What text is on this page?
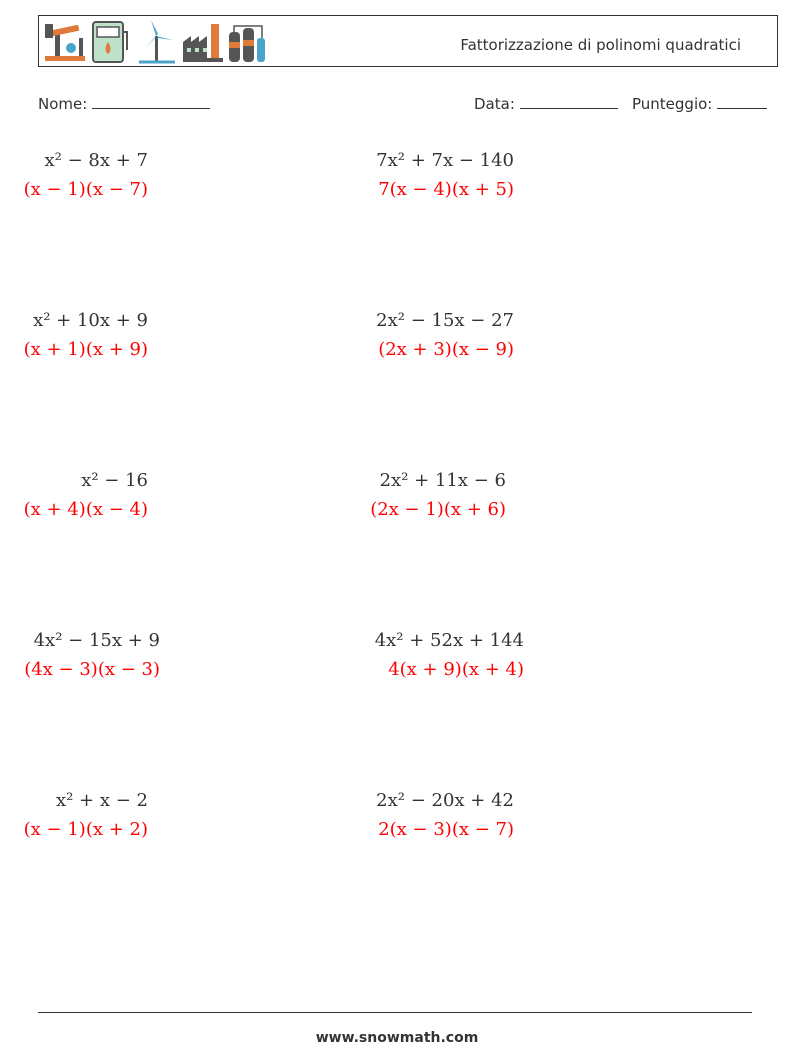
Fattorizzazione di polinomi quadratici
Nome:	Data:	Punteggio:
x² − 8x + 7
(x − 1)(x − 7)
7x² + 7x − 140
7(x − 4)(x + 5)
x² + 10x + 9
(x + 1)(x + 9)
2x² − 15x − 27
(2x + 3)(x − 9)
x² − 16
(x + 4)(x − 4)
2x² + 11x − 6
(2x − 1)(x + 6)
4x² − 15x + 9
(4x − 3)(x − 3)
4x² + 52x + 144
4(x + 9)(x + 4)
x² + x − 2
(x − 1)(x + 2)
2x² − 20x + 42
2(x − 3)(x − 7)
www.snowmath.com
